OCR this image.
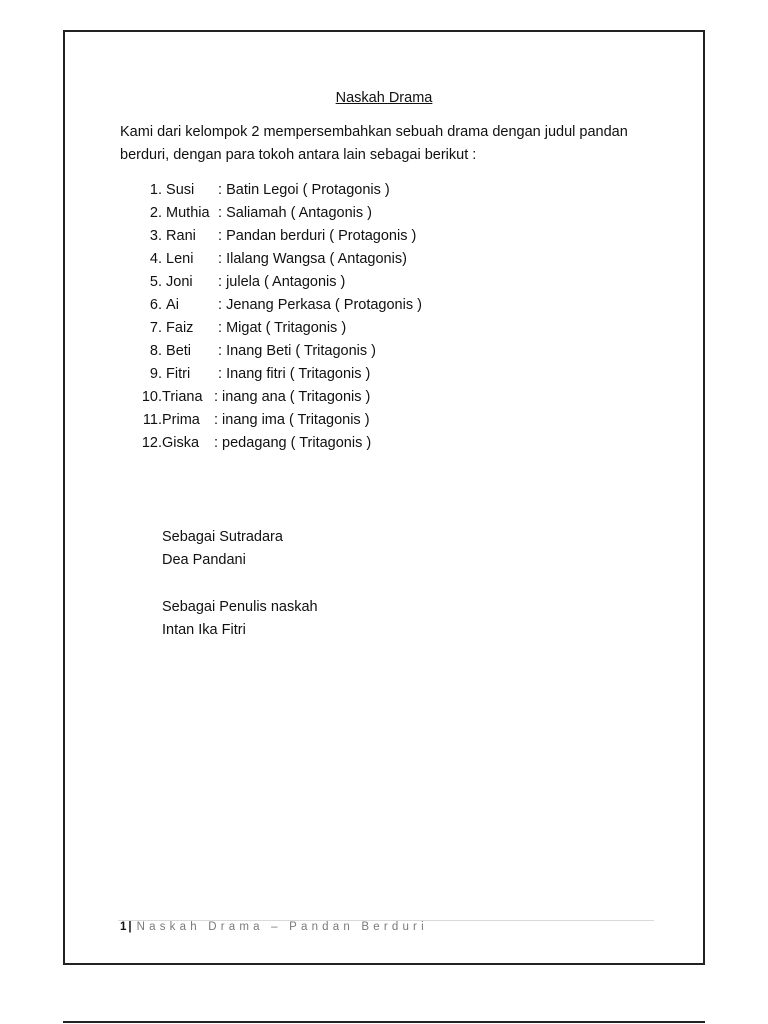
Naskah Drama
Kami dari kelompok 2 mempersembahkan sebuah drama dengan judul pandan berduri, dengan para tokoh antara lain sebagai berikut :
1. Susi : Batin Legoi ( Protagonis )
2. Muthia : Saliamah ( Antagonis )
3. Rani : Pandan berduri ( Protagonis )
4. Leni : Ilalang Wangsa ( Antagonis)
5. Joni : julela ( Antagonis )
6. Ai	: Jenang Perkasa ( Protagonis )
7. Faiz : Migat ( Tritagonis )
8. Beti : Inang Beti ( Tritagonis )
9. Fitri : Inang fitri ( Tritagonis )
10.Triana : inang ana ( Tritagonis )
11.Prima : inang ima ( Tritagonis )
12.Giska : pedagang ( Tritagonis )
Sebagai Sutradara
Dea Pandani
Sebagai Penulis naskah
Intan Ika Fitri
1 | Naskah Drama – Pandan Berduri
